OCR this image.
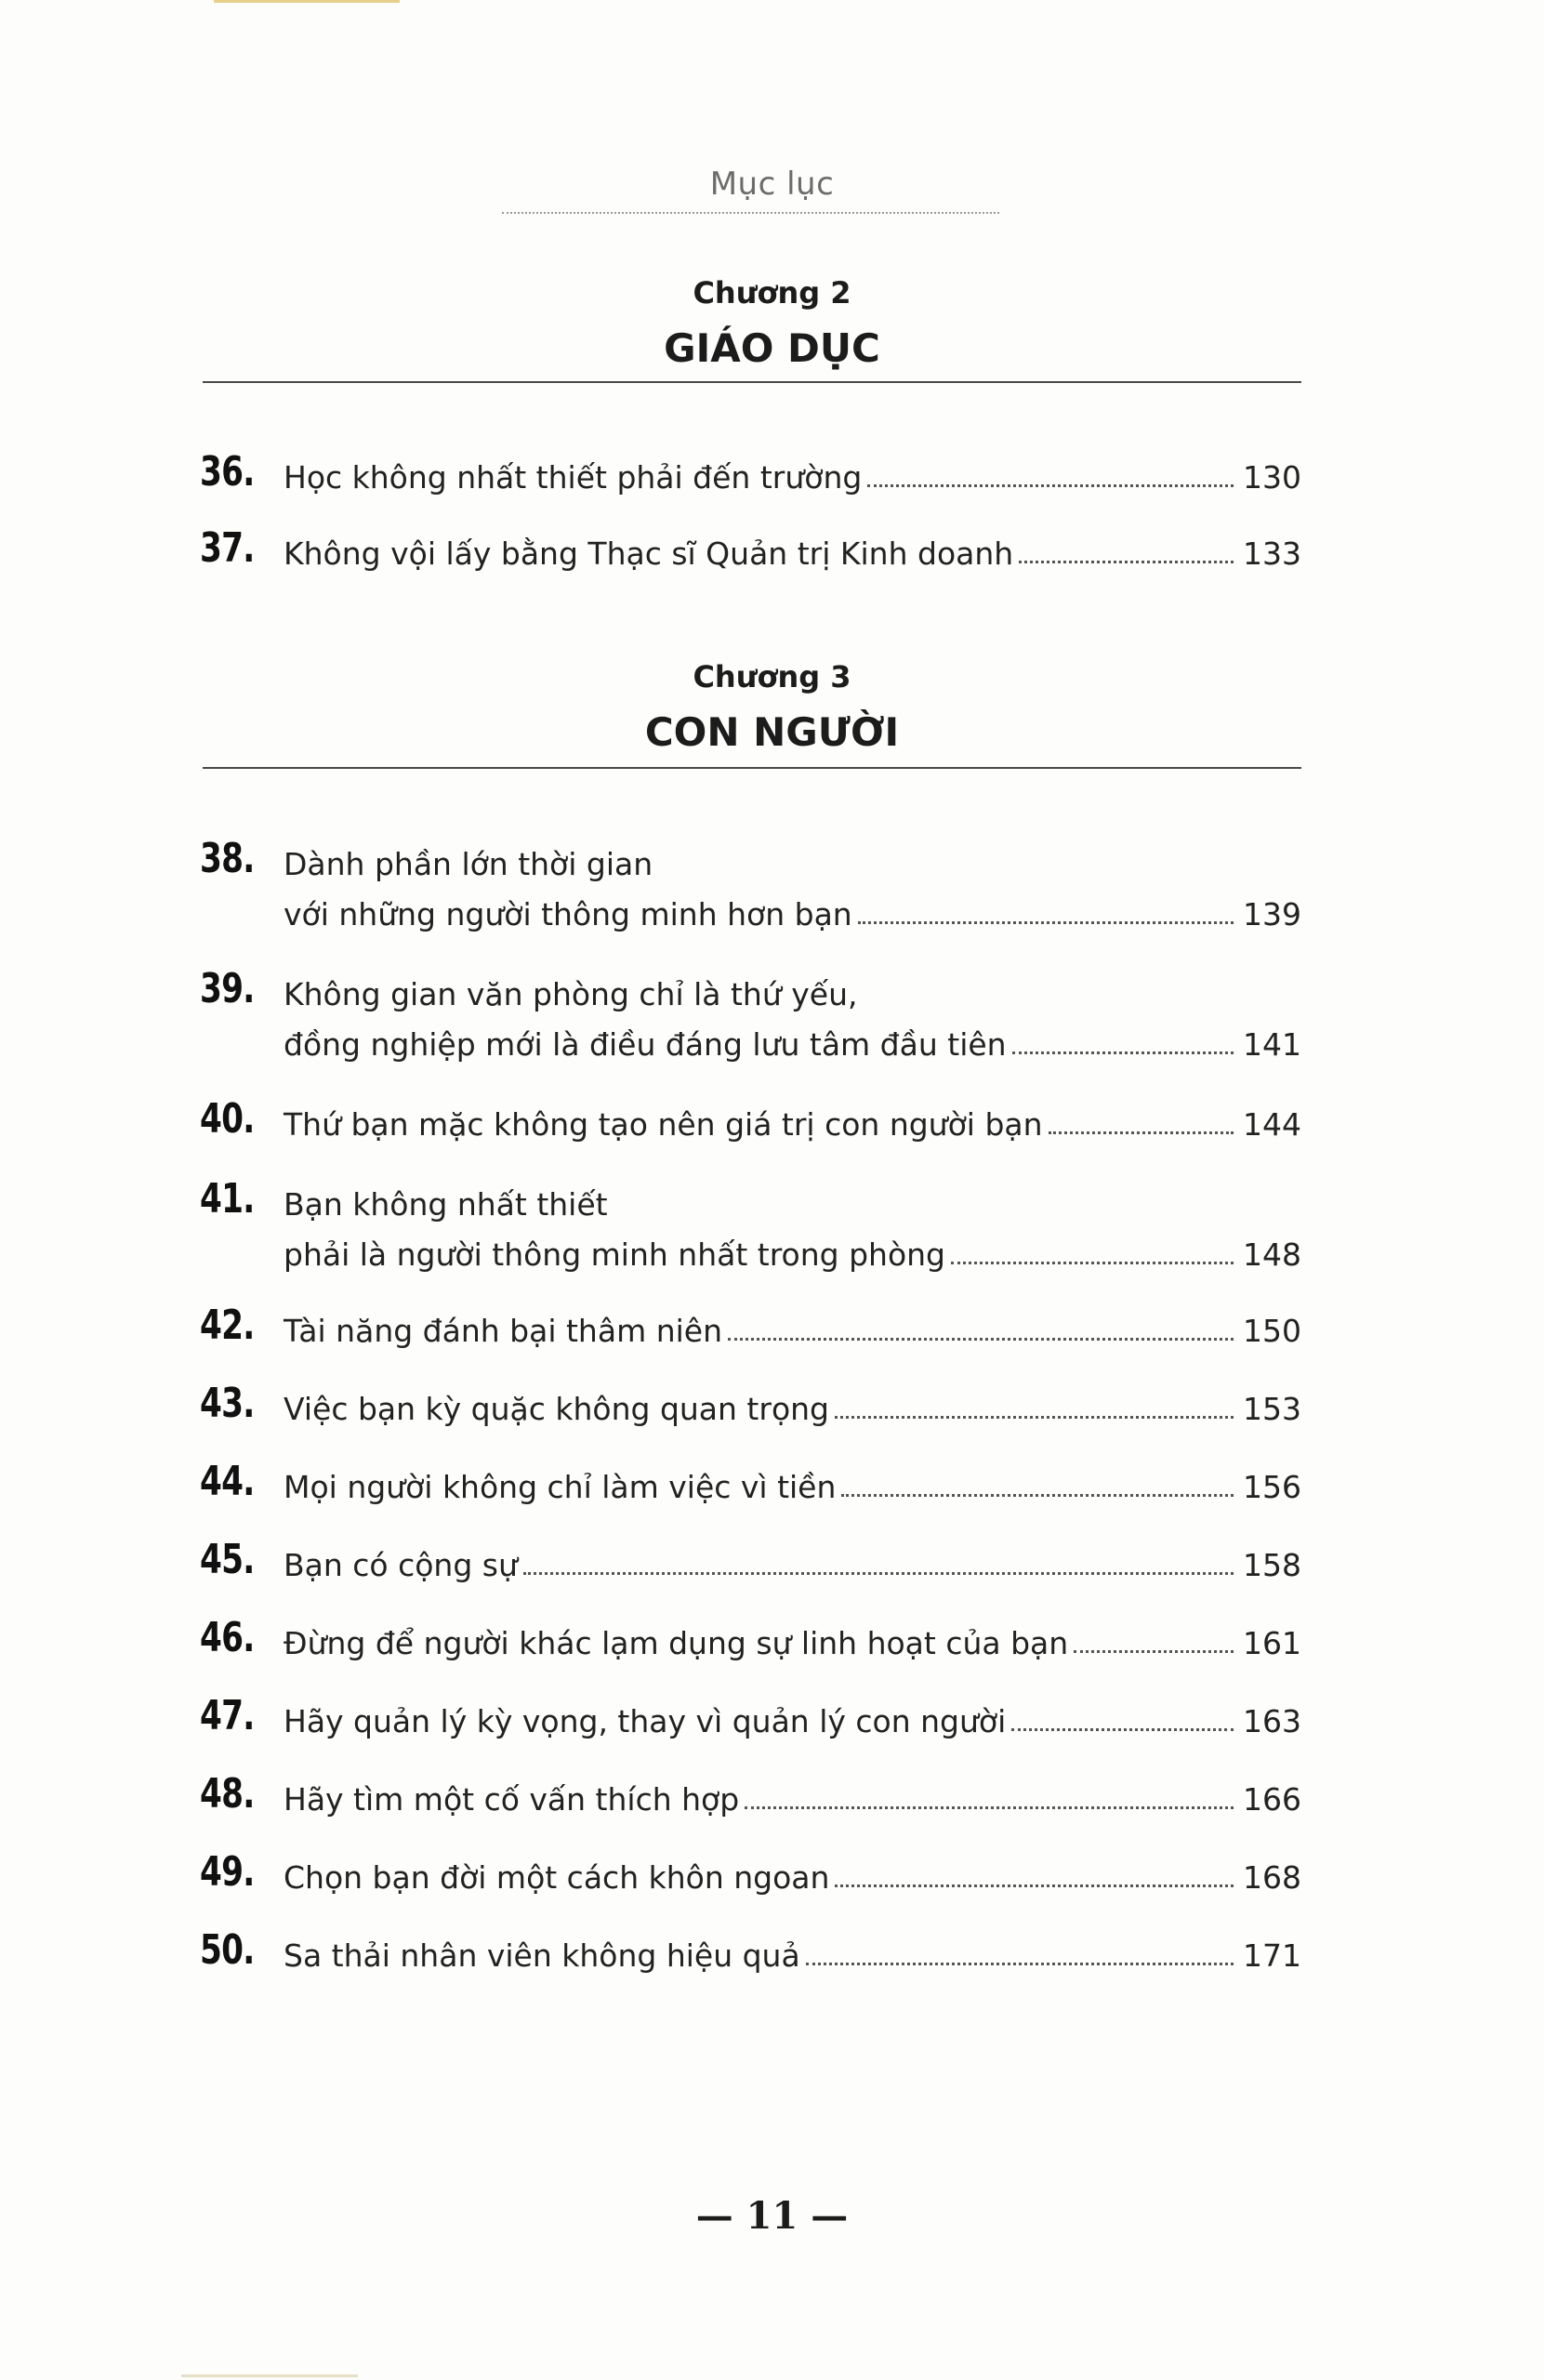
Mục lục
Chương 2
GIÁO DỤC
36. Học không nhất thiết phải đến trường	130
37. Không vội lấy bằng Thạc sĩ Quản trị Kinh doanh	133
Chương 3
CON NGƯỜI
38. Dành phần lớn thời gian
với những người thông minh hơn bạn	139
39. Không gian văn phòng chỉ là thứ yếu,
đồng nghiệp mới là điều đáng lưu tâm đầu tiên	141
40. Thứ bạn mặc không tạo nên giá trị con người bạn	144
41. Bạn không nhất thiết
phải là người thông minh nhất trong phòng	148
42. Tài năng đánh bại thâm niên	150
43. Việc bạn kỳ quặc không quan trọng	153
44. Mọi người không chỉ làm việc vì tiền	156
45. Bạn có cộng sự	158
46. Đừng để người khác lạm dụng sự linh hoạt của bạn	161
47. Hãy quản lý kỳ vọng, thay vì quản lý con người	163
48. Hãy tìm một cố vấn thích hợp	166
49. Chọn bạn đời một cách khôn ngoan	168
50. Sa thải nhân viên không hiệu quả	171
— 11 —
